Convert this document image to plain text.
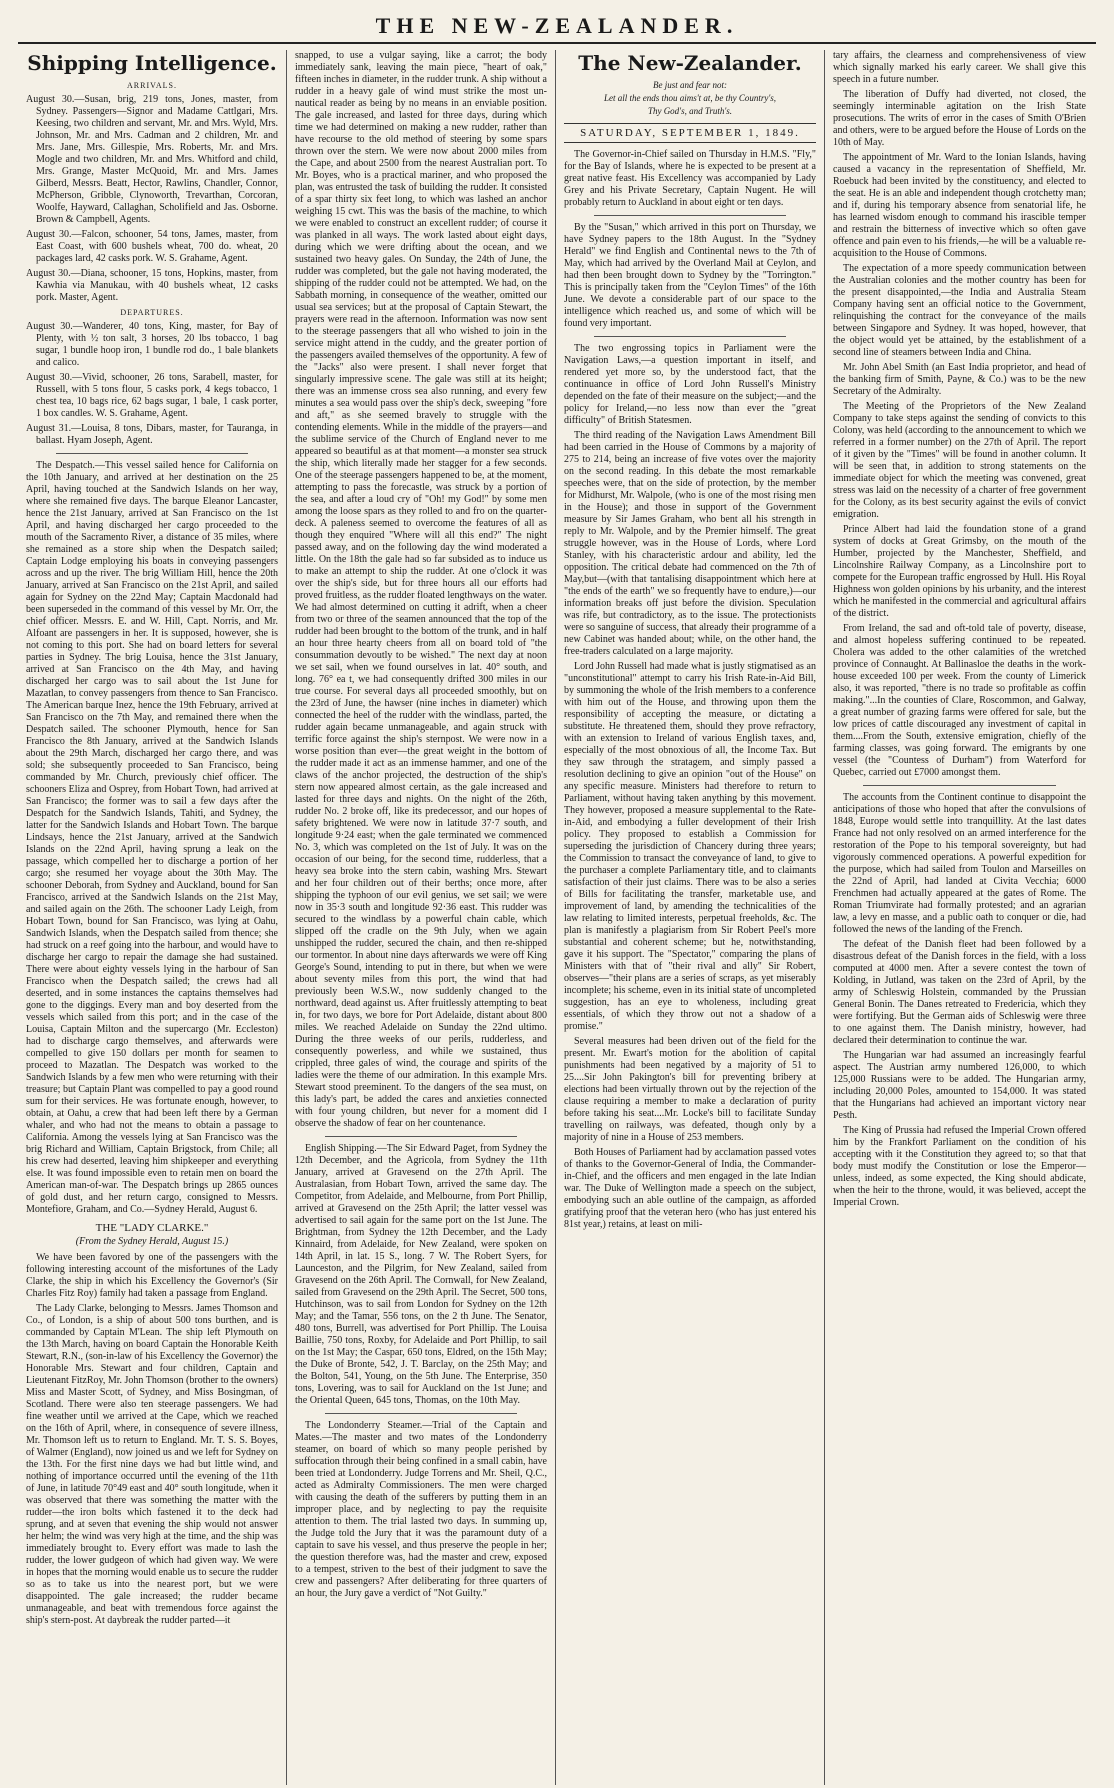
THE NEW-ZEALANDER.
Shipping Intelligence.
ARRIVALS.

August 30.—Susan, brig, 219 tons, Jones, master, from Sydney. Passengers—Signor and Madame Cattlgari, Mrs. Keesing, two children and servant, Mr. and Mrs. Wyld, Mrs. Johnson, Mr. and Mrs. Cadman and 2 children, Mr. and Mrs. Jane, Mrs. Gillespie, Mrs. Roberts, Mr. and Mrs. Mogle and two children, Mr. and Mrs. Whitford and child, Mrs. Grange, Master McQuoid, Mr. and Mrs. James Gilberd, Messrs. Beatt, Hector, Rawlins, Chandler, Connor, McPherson, Gribble, Clynoworth, Trevarthan, Corcoran, Woolfe, Hayward, Callaghan, Scholifield and Jas. Osborne. Brown & Campbell, Agents.

August 30.—Falcon, schooner, 54 tons, James, master, from East Coast, with 600 bushels wheat, 700 do. wheat, 20 packages lard, 42 casks pork. W. S. Grahame, Agent.

August 30.—Diana, schooner, 15 tons, Hopkins, master, from Kawhia via Manukau, with 40 bushels wheat, 12 casks pork. Master, Agent.

DEPARTURES.

August 30.—Wanderer, 40 tons, King, master, for Bay of Plenty, with ½ ton salt, 3 horses, 20 lbs tobacco, 1 bag sugar, 1 bundle hoop iron, 1 bundle rod do., 1 bale blankets and calico.

August 30.—Vivid, schooner, 26 tons, Sarabell, master, for Russell, with 5 tons flour, 5 casks pork, 4 kegs tobacco, 1 chest tea, 10 bags rice, 62 bags sugar, 1 bale, 1 cask porter, 1 box candles. W. S. Grahame, Agent.

August 31.—Louisa, 8 tons, Dibars, master, for Tauranga, in ballast. Hyam Joseph, Agent.

The Despatch.—This vessel sailed hence for California on the 10th January, and arrived at her destination on the 25 April, having touched at the Sandwich Islands on her way, where she remained five days. The barque Eleanor Lancaster, hence the 21st January, arrived at San Francisco on the 1st April, and having discharged her cargo proceeded to the mouth of the Sacramento River, a distance of 35 miles, where she remained as a store ship when the Despatch sailed; Captain Lodge employing his boats in conveying passengers across and up the river. The brig William Hill, hence the 20th January, arrived at San Francisco on the 21st April, and sailed again for Sydney on the 22nd May; Captain Macdonald had been superseded in the command of this vessel by Mr. Orr, the chief officer. Messrs. E. and W. Hill, Capt. Norris, and Mr. Alfoant are passengers in her. It is supposed, however, she is not coming to this port. She had on board letters for several parties in Sydney. The brig Louisa, hence the 31st January, arrived at San Francisco on the 4th May, and having discharged her cargo was to sail about the 1st June for Mazatlan, to convey passengers from thence to San Francisco. The American barque Inez, hence the 19th February, arrived at San Francisco on the 7th May, and remained there when the Despatch sailed. The schooner Plymouth, hence for San Francisco the 8th January, arrived at the Sandwich Islands about the 29th March, discharged her cargo there, and was sold; she subsequently proceeded to San Francisco, being commanded by Mr. Church, previously chief officer. The schooners Eliza and Osprey, from Hobart Town, had arrived at San Francisco; the former was to sail a few days after the Despatch for the Sandwich Islands, Tahiti, and Sydney, the latter for the Sandwich Islands and Hobart Town. The barque Lindsays, hence the 21st January, arrived at the Sandwich Islands on the 22nd April, having sprung a leak on the passage, which compelled her to discharge a portion of her cargo; she resumed her voyage about the 30th May. The schooner Deborah, from Sydney and Auckland, bound for San Francisco, arrived at the Sandwich Islands on the 21st May, and sailed again on the 26th. The schooner Lady Leigh, from Hobart Town, bound for San Francisco, was lying at Oahu, Sandwich Islands, when the Despatch sailed from thence; she had struck on a reef going into the harbour, and would have to discharge her cargo to repair the damage she had sustained. There were about eighty vessels lying in the harbour of San Francisco when the Despatch sailed; the crews had all deserted, and in some instances the captains themselves had gone to the diggings. Every man and boy deserted from the vessels which sailed from this port; and in the case of the Louisa, Captain Milton and the supercargo (Mr. Eccleston) had to discharge cargo themselves, and afterwards were compelled to give 150 dollars per month for seamen to proceed to Mazatlan. The Despatch was worked to the Sandwich Islands by a few men who were returning with their treasure; but Captain Plant was compelled to pay a good round sum for their services. He was fortunate enough, however, to obtain, at Oahu, a crew that had been left there by a German whaler, and who had not the means to obtain a passage to California. Among the vessels lying at San Francisco was the brig Richard and William, Captain Brigstock, from Chile; all his crew had deserted, leaving him shipkeeper and everything else. It was found impossible even to retain men on board the American man-of-war. The Despatch brings up 2865 ounces of gold dust, and her return cargo, consigned to Messrs. Montefiore, Graham, and Co.—Sydney Herald, August 6.

THE "LADY CLARKE."
(From the Sydney Herald, August 15.)

We have been favored by one of the passengers with the following interesting account of the misfortunes of the Lady Clarke, the ship in which his Excellency the Governor's (Sir Charles Fitz Roy) family had taken a passage from England.

The Lady Clarke, belonging to Messrs. James Thomson and Co., of London, is a ship of about 500 tons burthen, and is commanded by Captain M'Lean. The ship left Plymouth on the 13th March, having on board Captain the Honorable Keith Stewart, R.N., (son-in-law of his Excellency the Governor) the Honorable Mrs. Stewart and four children, Captain and Lieutenant FitzRoy, Mr. John Thomson (brother to the owners) Miss and Master Scott, of Sydney, and Miss Bosingman, of Scotland. There were also ten steerage passengers. We had fine weather until we arrived at the Cape, which we reached on the 16th of April, where, in consequence of severe illness, Mr. Thomson left us to return to England. Mr. T. S. S. Boyes, of Walmer (England), now joined us and we left for Sydney on the 13th. For the first nine days we had but little wind, and nothing of importance occurred until the evening of the 11th of June, in latitude 70°49 east and 40° south longitude, when it was observed that there was something the matter with the rudder—the iron bolts which fastened it to the deck had sprung, and at seven that evening the ship would not answer her helm; the wind was very high at the time, and the ship was immediately brought to. Every effort was made to lash the rudder, the lower gudgeon of which had given way. We were in hopes that the morning would enable us to secure the rudder so as to take us into the nearest port, but we were disappointed. The gale increased; the rudder became unmanageable, and beat with tremendous force against the ship's stern-post. At daybreak the rudder parted—it

snapped, to use a vulgar saying, like a carrot; the body immediately sank, leaving the main piece, "heart of oak," fifteen inches in diameter, in the rudder trunk. A ship without a rudder in a heavy gale of wind must strike the most un-nautical reader as being by no means in an enviable position. The gale increased, and lasted for three days, during which time we had determined on making a new rudder, rather than have recourse to the old method of steering by some spars thrown over the stern. We were now about 2000 miles from the Cape, and about 2500 from the nearest Australian port. To Mr. Boyes, who is a practical mariner, and who proposed the plan, was entrusted the task of building the rudder. It consisted of a spar thirty six feet long, to which was lashed an anchor weighing 15 cwt. This was the basis of the machine, to which we were enabled to construct an excellent rudder; of course it was planked in all ways. The work lasted about eight days, during which we were drifting about the ocean, and we sustained two heavy gales. On Sunday, the 24th of June, the rudder was completed, but the gale not having moderated, the shipping of the rudder could not be attempted. We had, on the Sabbath morning, in consequence of the weather, omitted our usual sea services; but at the proposal of Captain Stewart, the prayers were read in the afternoon. Information was now sent to the steerage passengers that all who wished to join in the service might attend in the cuddy, and the greater portion of the passengers availed themselves of the opportunity. A few of the "Jacks" also were present. I shall never forget that singularly impressive scene. The gale was still at its height; there was an immense cross sea also running, and every few minutes a sea would pass over the ship's deck, sweeping "fore and aft," as she seemed bravely to struggle with the contending elements. While in the middle of the prayers—and the sublime service of the Church of England never to me appeared so beautiful as at that moment—a monster sea struck the ship, which literally made her stagger for a few seconds. One of the steerage passengers happened to be, at the moment, attempting to pass the forecastle, was struck by a portion of the sea, and after a loud cry of "Oh! my God!" by some men among the loose spars as they rolled to and fro on the quarter-deck. A paleness seemed to overcome the features of all as though they enquired "Where will all this end?" The night passed away, and on the following day the wind moderated a little. On the 18th the gale had so far subsided as to induce us to make an attempt to ship the rudder. At one o'clock it was over the ship's side, but for three hours all our efforts had proved fruitless, as the rudder floated lengthways on the water. We had almost determined on cutting it adrift, when a cheer from two or three of the seamen announced that the top of the rudder had been brought to the bottom of the trunk, and in half an hour three hearty cheers from all on board told of "the consummation devoutly to be wished." The next day at noon we set sail, when we found ourselves in lat. 40° south, and long. 76° ea t, we had consequently drifted 300 miles in our true course. For several days all proceeded smoothly, but on the 23rd of June, the hawser (nine inches in diameter) which connected the heel of the rudder with the windlass, parted, the rudder again became unmanageable, and again struck with terrific force against the ship's sternpost. We were now in a worse position than ever—the great weight in the bottom of the rudder made it act as an immense hammer, and one of the claws of the anchor projected, the destruction of the ship's stern now appeared almost certain, as the gale increased and lasted for three days and nights. On the night of the 26th, rudder No. 2 broke off, like its predecessor, and our hopes of safety brightened. We were now in latitude 37·7 south, and longitude 9·24 east; when the gale terminated we commenced No. 3, which was completed on the 1st of July. It was on the occasion of our being, for the second time, rudderless, that a heavy sea broke into the stern cabin, washing Mrs. Stewart and her four children out of their berths; once more, after shipping the typhoon of our evil genius, we set sail; we were now in 35·3 south and longitude 92·36 east. This rudder was secured to the windlass by a powerful chain cable, which slipped off the cradle on the 9th July, when we again unshipped the rudder, secured the chain, and then re-shipped our tormentor. In about nine days afterwards we were off King George's Sound, intending to put in there, but when we were about seventy miles from this port, the wind that had previously been W.S.W., now suddenly changed to the northward, dead against us. After fruitlessly attempting to beat in, for two days, we bore for Port Adelaide, distant about 800 miles. We reached Adelaide on Sunday the 22nd ultimo. During the three weeks of our perils, rudderless, and consequently powerless, and while we sustained, thus crippled, three gales of wind, the courage and spirits of the ladies were the theme of our admiration. In this example Mrs. Stewart stood preeminent. To the dangers of the sea must, on this lady's part, be added the cares and anxieties connected with four young children, but never for a moment did I observe the shadow of fear on her countenance.

English Shipping.—The Sir Edward Paget, from Sydney the 12th December, and the Agricola, from Sydney the 11th January, arrived at Gravesend on the 27th April. The Australasian, from Hobart Town, arrived the same day. The Competitor, from Adelaide, and Melbourne, from Port Phillip, arrived at Gravesend on the 25th April; the latter vessel was advertised to sail again for the same port on the 1st June. The Brightman, from Sydney the 12th December, and the Lady Kinnaird, from Adelaide, for New Zealand, were spoken on 14th April, in lat. 15 S., long. 7 W. The Robert Syers, for Launceston, and the Pilgrim, for New Zealand, sailed from Gravesend on the 26th April. The Cornwall, for New Zealand, sailed from Gravesend on the 29th April. The Secret, 500 tons, Hutchinson, was to sail from London for Sydney on the 12th May; and the Tamar, 556 tons, on the 2 th June. The Senator, 480 tons, Burrell, was advertised for Port Phillip. The Louisa Baillie, 750 tons, Roxby, for Adelaide and Port Phillip, to sail on the 1st May; the Caspar, 650 tons, Eldred, on the 15th May; the Duke of Bronte, 542, J. T. Barclay, on the 25th May; and the Bolton, 541, Young, on the 5th June. The Enterprise, 350 tons, Lovering, was to sail for Auckland on the 1st June; and the Oriental Queen, 645 tons, Thomas, on the 10th May.

The Londonderry Steamer.—Trial of the Captain and Mates.—The master and two mates of the Londonderry steamer, on board of which so many people perished by suffocation through their being confined in a small cabin, have been tried at Londonderry. Judge Torrens and Mr. Sheil, Q.C., acted as Admiralty Commissioners. The men were charged with causing the death of the sufferers by putting them in an improper place, and by neglecting to pay the requisite attention to them. The trial lasted two days. In summing up, the Judge told the Jury that it was the paramount duty of a captain to save his vessel, and thus preserve the people in her; the question therefore was, had the master and crew, exposed to a tempest, striven to the best of their judgment to save the crew and passengers? After deliberating for three quarters of an hour, the Jury gave a verdict of "Not Guilty."

The New-Zealander.
Be just and fear not:
Let all the ends thou aims't at, be thy Country's,
Thy God's, and Truth's.
SATURDAY, SEPTEMBER 1, 1849.

The Governor-in-Chief sailed on Thursday in H.M.S. "Fly," for the Bay of Islands, where he is expected to be present at a great native feast. His Excellency was accompanied by Lady Grey and his Private Secretary, Captain Nugent. He will probably return to Auckland in about eight or ten days.

By the "Susan," which arrived in this port on Thursday, we have Sydney papers to the 18th August. In the "Sydney Herald" we find English and Continental news to the 7th of May, which had arrived by the Overland Mail at Ceylon, and had then been brought down to Sydney by the "Torrington." This is principally taken from the "Ceylon Times" of the 16th June. We devote a considerable part of our space to the intelligence which reached us, and some of which will be found very important.

The two engrossing topics in Parliament were the Navigation Laws,—a question important in itself, and rendered yet more so, by the understood fact, that the continuance in office of Lord John Russell's Ministry depended on the fate of their measure on the subject;—and the policy for Ireland,—no less now than ever the "great difficulty" of British Statesmen.

The third reading of the Navigation Laws Amendment Bill had been carried in the House of Commons by a majority of 275 to 214, being an increase of five votes over the majority on the second reading. In this debate the most remarkable speeches were, that on the side of protection, by the member for Midhurst, Mr. Walpole, (who is one of the most rising men in the House); and those in support of the Government measure by Sir James Graham, who bent all his strength in reply to Mr. Walpole, and by the Premier himself. The great struggle however, was in the House of Lords, where Lord Stanley, with his characteristic ardour and ability, led the opposition. The critical debate had commenced on the 7th of May,but—(with that tantalising disappointment which here at "the ends of the earth" we so frequently have to endure,)—our information breaks off just before the division. Speculation was rife, but contradictory, as to the issue. The protectionists were so sanguine of success, that already their programme of a new Cabinet was handed about; while, on the other hand, the free-traders calculated on a large majority.

Lord John Russell had made what is justly stigmatised as an "unconstitutional" attempt to carry his Irish Rate-in-Aid Bill, by summoning the whole of the Irish members to a conference with him out of the House, and throwing upon them the responsibility of accepting the measure, or dictating a substitute. He threatened them, should they prove refractory, with an extension to Ireland of various English taxes, and, especially of the most obnoxious of all, the Income Tax. But they saw through the stratagem, and simply passed a resolution declining to give an opinion "out of the House" on any specific measure. Ministers had therefore to return to Parliament, without having taken anything by this movement. They however, proposed a measure supplemental to the Rate-in-Aid, and embodying a fuller development of their Irish policy. They proposed to establish a Commission for superseding the jurisdiction of Chancery during three years; the Commission to transact the conveyance of land, to give to the purchaser a complete Parliamentary title, and to claimants satisfaction of their just claims. There was to be also a series of Bills for facilitating the transfer, marketable use, and improvement of land, by amending the technicalities of the law relating to limited interests, perpetual freeholds, &c. The plan is manifestly a plagiarism from Sir Robert Peel's more substantial and coherent scheme; but he, notwithstanding, gave it his support. The "Spectator," comparing the plans of Ministers with that of "their rival and ally" Sir Robert, observes—"their plans are a series of scraps, as yet miserably incomplete; his scheme, even in its initial state of uncompleted suggestion, has an eye to wholeness, including great essentials, of which they throw out not a shadow of a promise."

Several measures had been driven out of the field for the present. Mr. Ewart's motion for the abolition of capital punishments had been negatived by a majority of 51 to 25....Sir John Pakington's bill for preventing bribery at elections had been virtually thrown out by the rejection of the clause requiring a member to make a declaration of purity before taking his seat....Mr. Locke's bill to facilitate Sunday travelling on railways, was defeated, though only by a majority of nine in a House of 253 members.

Both Houses of Parliament had by acclamation passed votes of thanks to the Governor-General of India, the Commander-in-Chief, and the officers and men engaged in the late Indian war. The Duke of Wellington made a speech on the subject, embodying such an able outline of the campaign, as afforded gratifying proof that the veteran hero (who has just entered his 81st year,) retains, at least on mili-

tary affairs, the clearness and comprehensiveness of view which signally marked his early career. We shall give this speech in a future number.

The liberation of Duffy had diverted, not closed, the seemingly interminable agitation on the Irish State prosecutions. The writs of error in the cases of Smith O'Brien and others, were to be argued before the House of Lords on the 10th of May.

The appointment of Mr. Ward to the Ionian Islands, having caused a vacancy in the representation of Sheffield, Mr. Roebuck had been invited by the constituency, and elected to the seat. He is an able and independent though crotchetty man; and if, during his temporary absence from senatorial life, he has learned wisdom enough to command his irascible temper and restrain the bitterness of invective which so often gave offence and pain even to his friends,—he will be a valuable re-acquisition to the House of Commons.

The expectation of a more speedy communication between the Australian colonies and the mother country has been for the present disappointed,—the India and Australia Steam Company having sent an official notice to the Government, relinquishing the contract for the conveyance of the mails between Singapore and Sydney. It was hoped, however, that the object would yet be attained, by the establishment of a second line of steamers between India and China.

Mr. John Abel Smith (an East India proprietor, and head of the banking firm of Smith, Payne, & Co.) was to be the new Secretary of the Admiralty.

The Meeting of the Proprietors of the New Zealand Company to take steps against the sending of convicts to this Colony, was held (according to the announcement to which we referred in a former number) on the 27th of April. The report of it given by the "Times" will be found in another column. It will be seen that, in addition to strong statements on the immediate object for which the meeting was convened, great stress was laid on the necessity of a charter of free government for the Colony, as its best security against the evils of convict emigration.

Prince Albert had laid the foundation stone of a grand system of docks at Great Grimsby, on the mouth of the Humber, projected by the Manchester, Sheffield, and Lincolnshire Railway Company, as a Lincolnshire port to compete for the European traffic engrossed by Hull. His Royal Highness won golden opinions by his urbanity, and the interest which he manifested in the commercial and agricultural affairs of the district.

From Ireland, the sad and oft-told tale of poverty, disease, and almost hopeless suffering continued to be repeated. Cholera was added to the other calamities of the wretched province of Connaught. At Ballinasloe the deaths in the work-house exceeded 100 per week. From the county of Limerick also, it was reported, "there is no trade so profitable as coffin making."...In the counties of Clare, Roscommon, and Galway, a great number of grazing farms were offered for sale, but the low prices of cattle discouraged any investment of capital in them....From the South, extensive emigration, chiefly of the farming classes, was going forward. The emigrants by one vessel (the "Countess of Durham") from Waterford for Quebec, carried out £7000 amongst them.

The accounts from the Continent continue to disappoint the anticipations of those who hoped that after the convulsions of 1848, Europe would settle into tranquillity. At the last dates France had not only resolved on an armed interference for the restoration of the Pope to his temporal sovereignty, but had vigorously commenced operations. A powerful expedition for the purpose, which had sailed from Toulon and Marseilles on the 22nd of April, had landed at Civita Vecchia; 6000 Frenchmen had actually appeared at the gates of Rome. The Roman Triumvirate had formally protested; and an agrarian law, a levy en masse, and a public oath to conquer or die, had followed the news of the landing of the French.

The defeat of the Danish fleet had been followed by a disastrous defeat of the Danish forces in the field, with a loss computed at 4000 men. After a severe contest the town of Kolding, in Jutland, was taken on the 23rd of April, by the army of Schleswig Holstein, commanded by the Prussian General Bonin. The Danes retreated to Fredericia, which they were fortifying. But the German aids of Schleswig were three to one against them. The Danish ministry, however, had declared their determination to continue the war.

The Hungarian war had assumed an increasingly fearful aspect. The Austrian army numbered 126,000, to which 125,000 Russians were to be added. The Hungarian army, including 20,000 Poles, amounted to 154,000. It was stated that the Hungarians had achieved an important victory near Pesth.

The King of Prussia had refused the Imperial Crown offered him by the Frankfort Parliament on the condition of his accepting with it the Constitution they agreed to; so that that body must modify the Constitution or lose the Emperor—unless, indeed, as some expected, the King should abdicate, when the heir to the throne, would, it was believed, accept the Imperial Crown.
